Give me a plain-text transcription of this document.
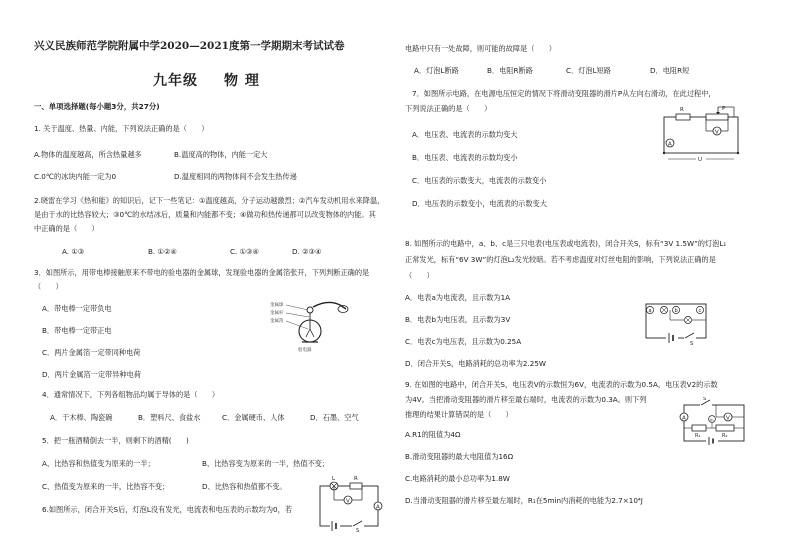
兴义民族师范学院附属中学2020—2021度第一学期期末考试试卷
九年级 物 理
一、单项选择题(每小题3分，共27分)
1. 关于温度、热量、内能，下列说法正确的是（　　）
A.物体的温度越高，所含热量越多	B.温度高的物体，内能一定大
C.0℃的冰块内能一定为0	D.温度相同的两物体间不会发生热传递
2.晓雷在学习《热和能》的知识后，记下一些笔记：①温度越高，分子运动越激烈；②汽车发动机用水来降温，
是由于水的比热容较大；③0℃的水结冰后，质量和内能都不变；④做功和热传递都可以改变物体的内能。其
中正确的是（　　）
A. ①③	B. ①②④	C. ①③④	D. ②③④
3．如图所示，用带电棒接触原来不带电的验电器的金属球，发现验电器的金属箔张开，下列判断正确的是
（　　）
A．带电棒一定带负电
B．带电棒一定带正电
C．两片金属箔一定带同种电荷
D．两片金属箔一定带异种电荷
金属球
金属杆
金属箔
验电器
4．通常情况下，下列各组物品均属于导体的是（　　）
A．干木棒、陶瓷碗	B．塑料尺、食盐水	C．金属硬币、人体	D．石墨、空气
5．把一瓶酒精倒去一半，则剩下的酒精(　　)
A、比热容和热值变为原来的一半；	B、比热容变为原来的一半，热值不变；
C、热值变为原来的一半，比热容不变；	D、比热容和热值都不变。
6.如图所示，闭合开关S后，灯泡L没有发光，电流表和电压表的示数均为0，若
L	R
V
A
S
电路中只有一处故障，则可能的故障是（　　）
A．灯泡L断路	B．电阻R断路	C．灯泡L短路	D．电阻R短
7．如图所示电路，在电源电压恒定的情况下将滑动变阻器的滑片P从左向右滑动，在此过程中，
下列说法正确的是（　　）
A．电压表、电流表的示数均变大
B．电压表、电流表的示数均变小
C．电压表的示数变大，电流表的示数变小
D．电压表的示数变小，电流表的示数变大
R	P
V
A
U
8. 如图所示的电路中，a、b、c是三只电表(电压表或电流表)，闭合开关S，标有“3V 1.5W”的灯泡L₁
正常发光，标有“6V 3W”的灯泡L₂发光较暗。若不考虑温度对灯丝电阻的影响，下列说法正确的是
（　　）
A．电表a为电流表，且示数为1A
B．电表b为电压表，且示数为3V
C．电表c为电压表，且示数为0.25A
D．闭合开关S，电路消耗的总功率为2.25W
a	b	c
S
9. 在如图的电路中，闭合开关S，电压表V的示数恒为6V，电流表的示数为0.5A，电压表V2的示数
为4V。当把滑动变阻器的滑片移至最右端时，电流表的示数为0.3A。则下列
推理的结果计算错误的是（　　）
A.R1的阻值为4Ω
B.滑动变阻器的最大电阻值为16Ω
C.电路消耗的最小总功率为1.8W
D.当滑动变阻器的滑片移至最左端时，R₁在5min内消耗的电能为2.7×10⁴J
A
S
V
R₁	R₂
V₂
